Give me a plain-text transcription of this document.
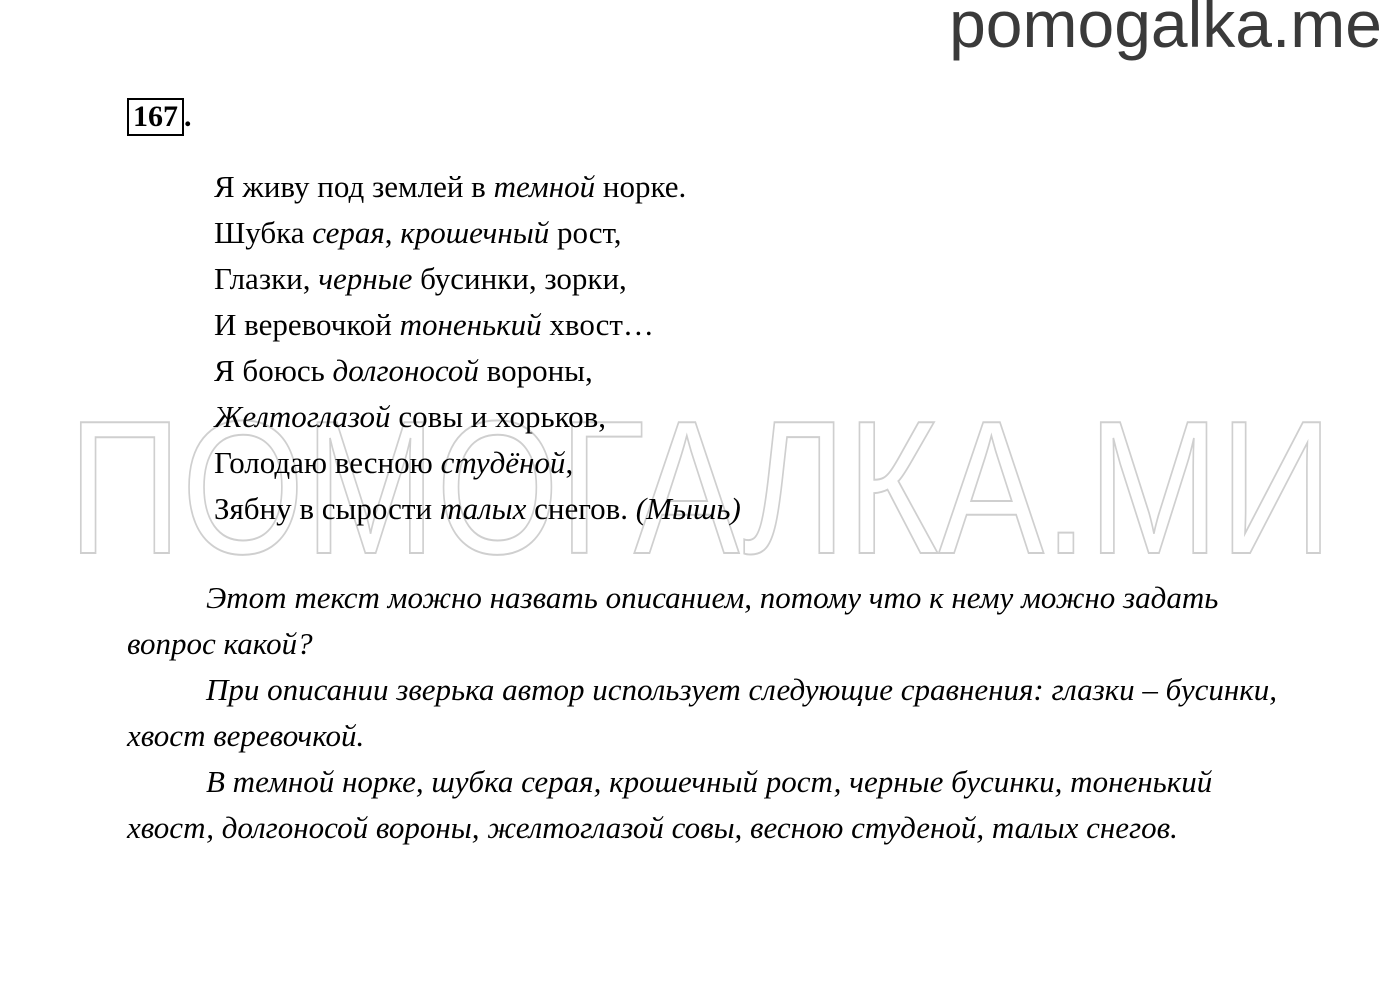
pomogalka.me
ПОМОГАЛКА.МИ
167 .
Я живу под землей в темной норке.
Шубка серая, крошечный рост,
Глазки, черные бусинки, зорки,
И веревочкой тоненький хвост…
Я боюсь долгоносой вороны,
Желтоглазой совы и хорьков,
Голодаю весною студёной,
Зябну в сырости талых снегов. (Мышь)

Этот текст можно назвать описанием, потому что к нему можно задать вопрос какой?

При описании зверька автор использует следующие сравнения: глазки – бусинки, хвост веревочкой.

В темной норке, шубка серая, крошечный рост, черные бусинки, тоненький хвост, долгоносой вороны, желтоглазой совы, весною студеной, талых снегов.
